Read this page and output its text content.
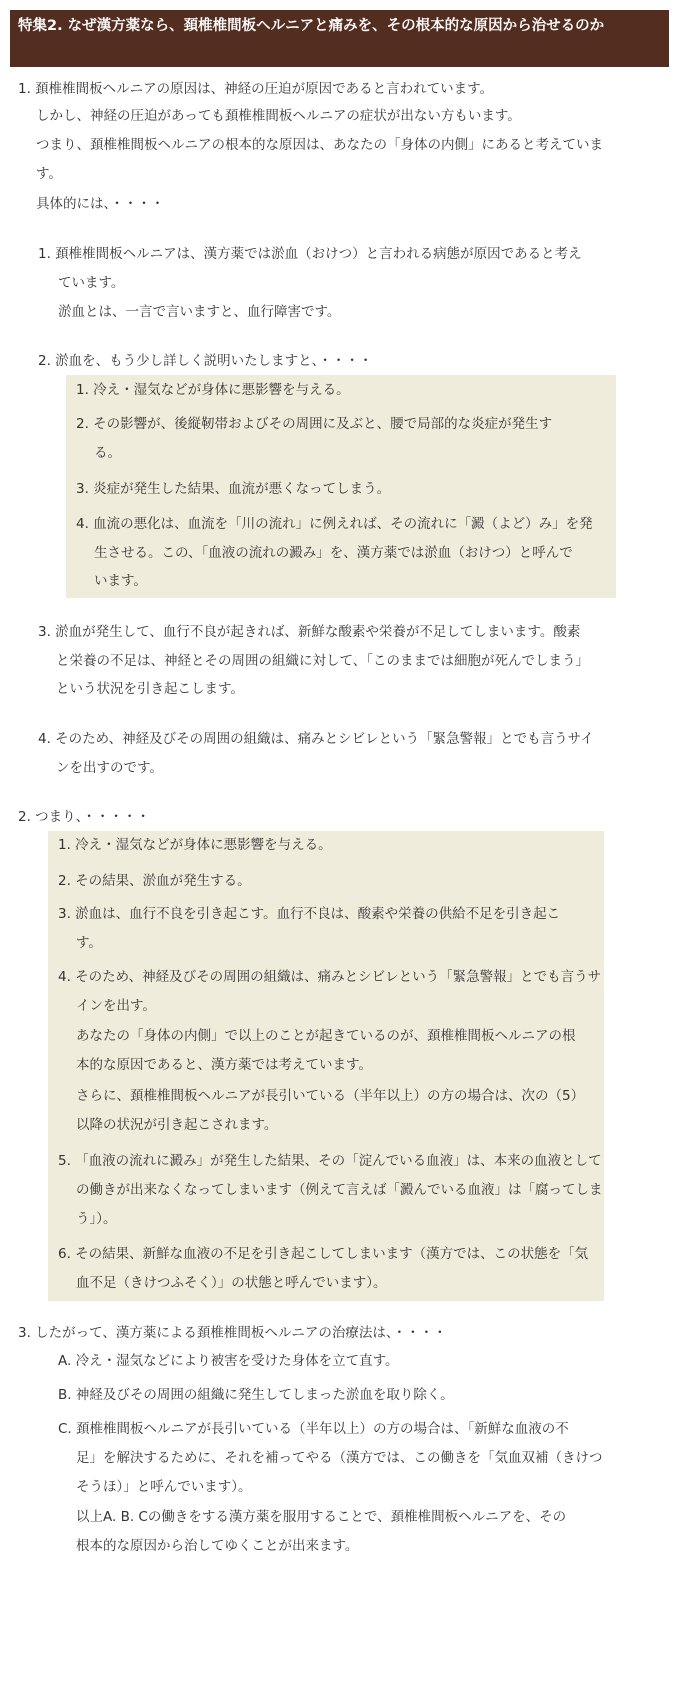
特集2. なぜ漢方薬なら、頚椎椎間板ヘルニアと痛みを、その根本的な原因から治せるのか
1. 頚椎椎間板ヘルニアの原因は、神経の圧迫が原因であると言われています。
しかし、神経の圧迫があっても頚椎椎間板ヘルニアの症状が出ない方もいます。
つまり、頚椎椎間板ヘルニアの根本的な原因は、あなたの「身体の内側」にあると考えていま
す。
具体的には、・・・・
1. 頚椎椎間板ヘルニアは、漢方薬では淤血（おけつ）と言われる病態が原因であると考え
ています。
淤血とは、一言で言いますと、血行障害です。
2. 淤血を、もう少し詳しく説明いたしますと、・・・・
1. 冷え・湿気などが身体に悪影響を与える。
2. その影響が、後縦靭帯およびその周囲に及ぶと、腰で局部的な炎症が発生す
る。
3. 炎症が発生した結果、血流が悪くなってしまう。
4. 血流の悪化は、血流を「川の流れ」に例えれば、その流れに「澱（よど）み」を発
生させる。この、「血液の流れの澱み」を、漢方薬では淤血（おけつ）と呼んで
います。
3. 淤血が発生して、血行不良が起きれば、新鮮な酸素や栄養が不足してしまいます。酸素
と栄養の不足は、神経とその周囲の組織に対して、「このままでは細胞が死んでしまう」
という状況を引き起こします。
4. そのため、神経及びその周囲の組織は、痛みとシビレという「緊急警報」とでも言うサイ
ンを出すのです。
2. つまり、・・・・・
1. 冷え・湿気などが身体に悪影響を与える。
2. その結果、淤血が発生する。
3. 淤血は、血行不良を引き起こす。血行不良は、酸素や栄養の供給不足を引き起こ
す。
4. そのため、神経及びその周囲の組織は、痛みとシビレという「緊急警報」とでも言うサ
インを出す。
あなたの「身体の内側」で以上のことが起きているのが、頚椎椎間板ヘルニアの根
本的な原因であると、漢方薬では考えています。
さらに、頚椎椎間板ヘルニアが長引いている（半年以上）の方の場合は、次の（5）
以降の状況が引き起こされます。
5. 「血液の流れに澱み」が発生した結果、その「淀んでいる血液」は、本来の血液として
の働きが出来なくなってしまいます（例えて言えば「澱んでいる血液」は「腐ってしま
う」）。
6. その結果、新鮮な血液の不足を引き起こしてしまいます（漢方では、この状態を「気
血不足（きけつふそく）」の状態と呼んでいます）。
3. したがって、漢方薬による頚椎椎間板ヘルニアの治療法は、・・・・
A. 冷え・湿気などにより被害を受けた身体を立て直す。
B. 神経及びその周囲の組織に発生してしまった淤血を取り除く。
C. 頚椎椎間板ヘルニアが長引いている（半年以上）の方の場合は、「新鮮な血液の不
足」を解決するために、それを補ってやる（漢方では、この働きを「気血双補（きけつ
そうほ）」と呼んでいます）。
以上A. B. Cの働きをする漢方薬を服用することで、頚椎椎間板ヘルニアを、その
根本的な原因から治してゆくことが出来ます。
